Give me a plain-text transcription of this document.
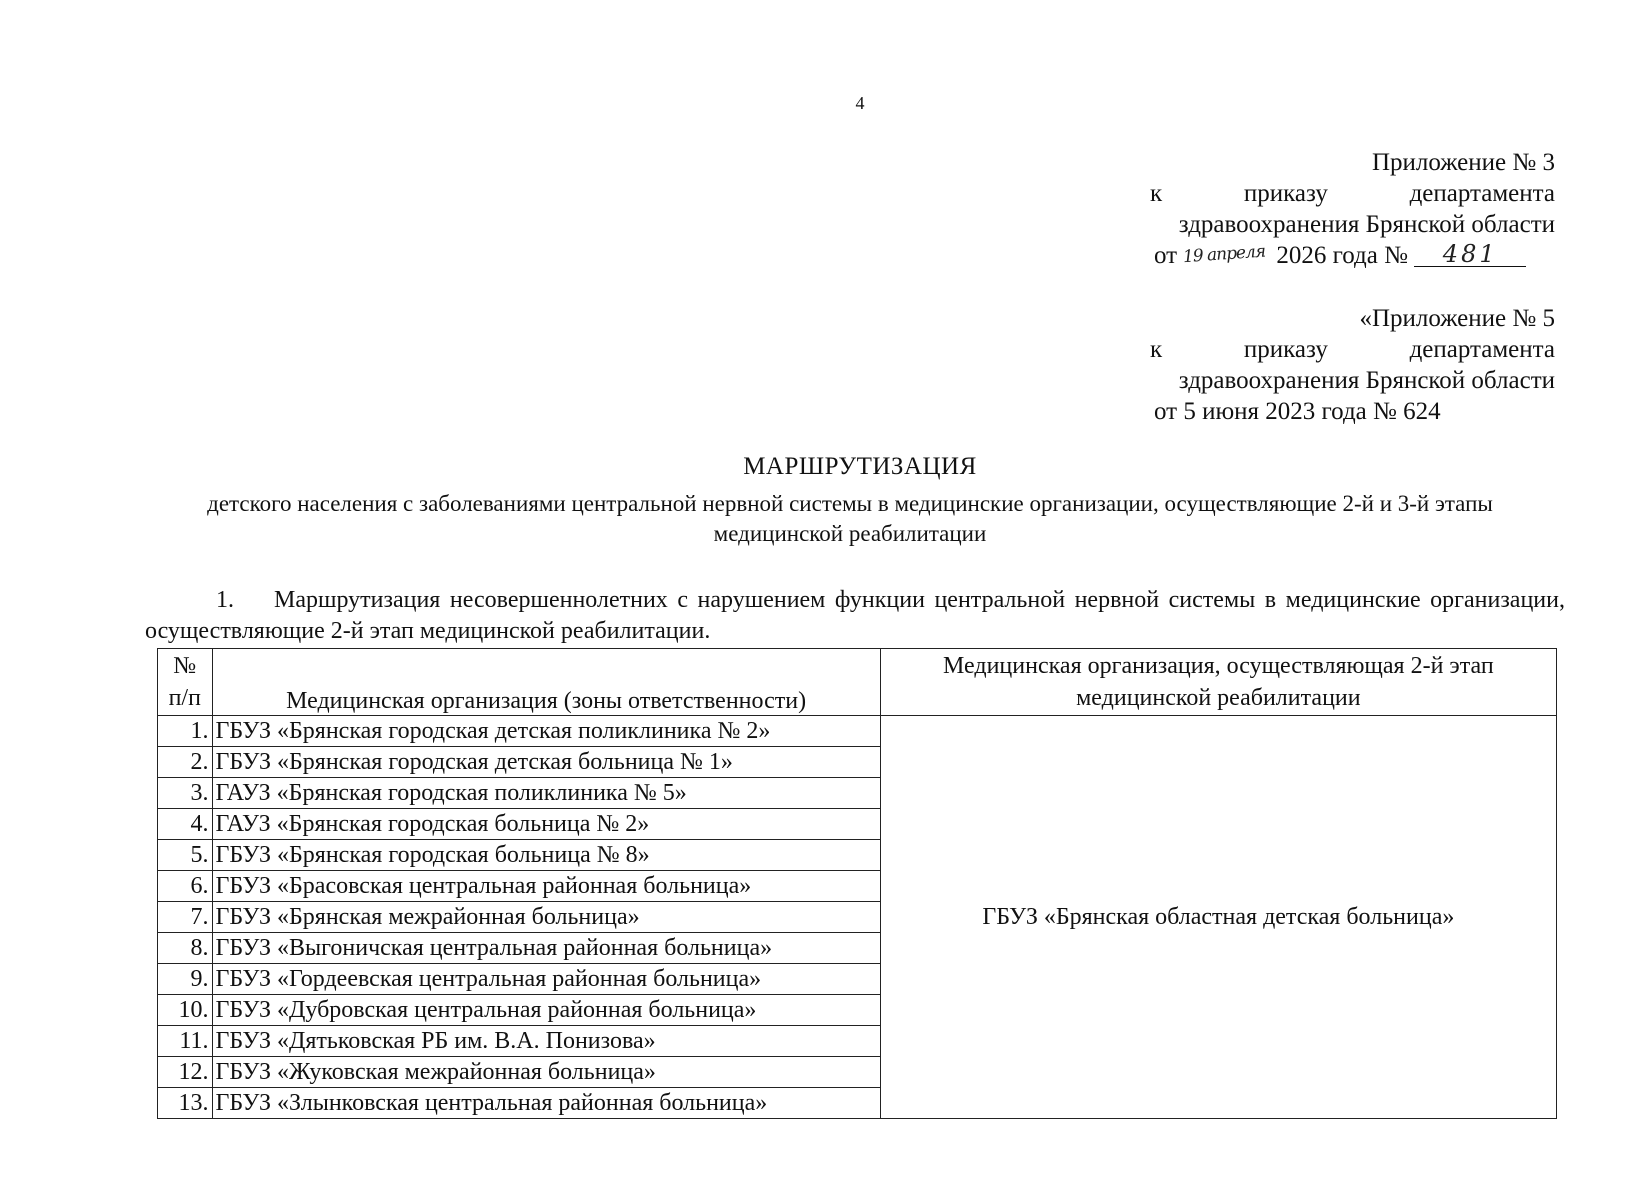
4
Приложение № 3
к	приказу	департамента
здравоохранения Брянской области
от 19 апреля 2026 года № 481
«Приложение № 5
к	приказу	департамента
здравоохранения Брянской области
от 5 июня 2023 года № 624
МАРШРУТИЗАЦИЯ
детского населения с заболеваниями центральной нервной системы в медицинские организации, осуществляющие 2-й и 3-й этапы медицинской реабилитации
1. Маршрутизация несовершеннолетних с нарушением функции центральной нервной системы в медицинские организации, осуществляющие 2-й этап медицинской реабилитации.
№ п/п	Медицинская организация (зоны ответственности)	Медицинская организация, осуществляющая 2-й этап медицинской реабилитации
1.	ГБУЗ «Брянская городская детская поликлиника № 2»	ГБУЗ «Брянская областная детская больница»
2.	ГБУЗ «Брянская городская детская больница № 1»	
3.	ГАУЗ «Брянская городская поликлиника № 5»	
4.	ГАУЗ «Брянская городская больница № 2»	
5.	ГБУЗ «Брянская городская больница № 8»	
6.	ГБУЗ «Брасовская центральная районная больница»	
7.	ГБУЗ «Брянская межрайонная больница»	
8.	ГБУЗ «Выгоничская центральная районная больница»	
9.	ГБУЗ «Гордеевская центральная районная больница»	
10.	ГБУЗ «Дубровская центральная районная больница»	
11.	ГБУЗ «Дятьковская РБ им. В.А. Понизова»	
12.	ГБУЗ «Жуковская межрайонная больница»	
13.	ГБУЗ «Злынковская центральная районная больница»	
